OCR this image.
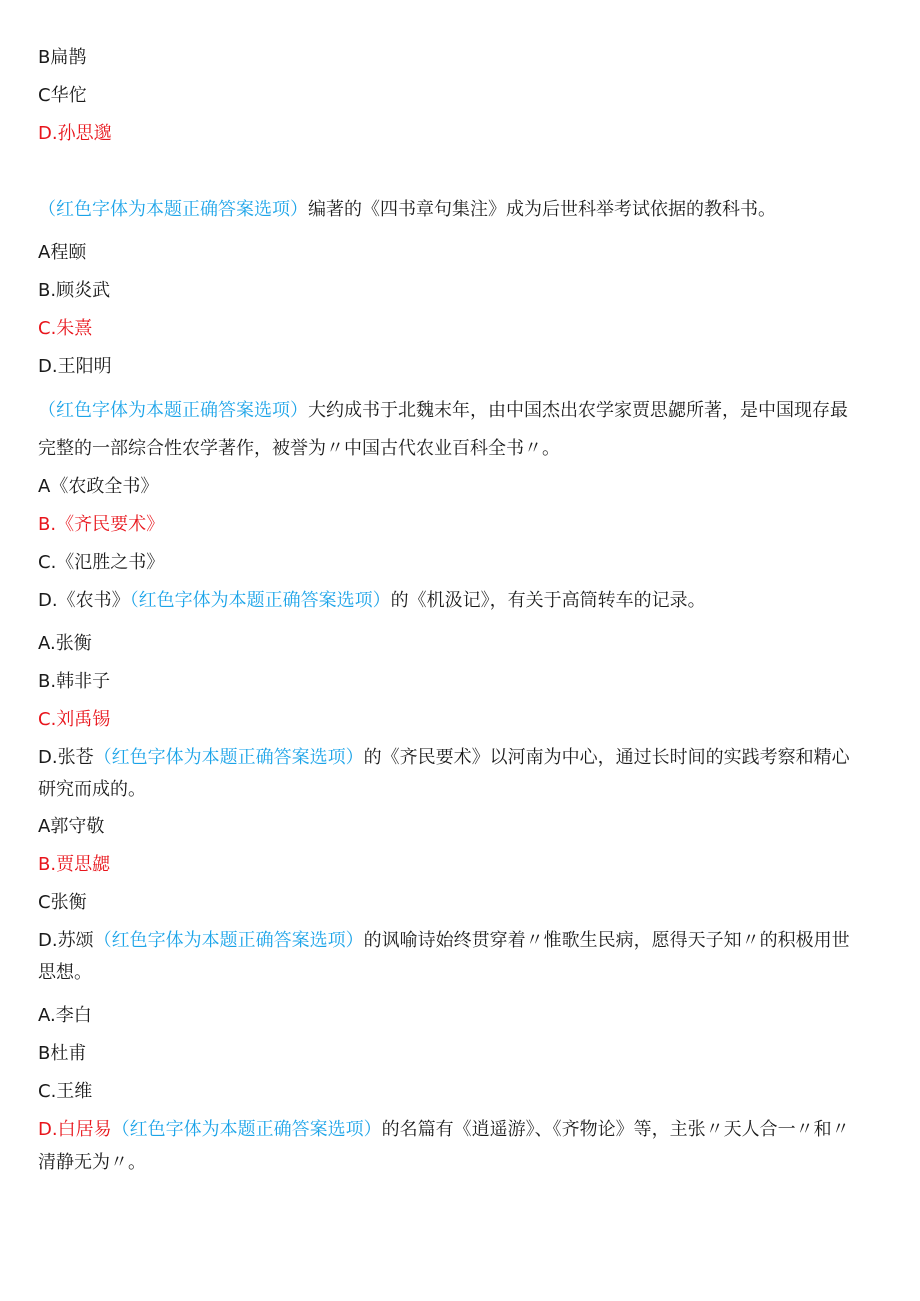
B扁鹊
C华佗
D.孙思邈
（红色字体为本题正确答案选项）编著的《四书章句集注》成为后世科举考试依据的教科书。
A程颐
B.顾炎武
C.朱熹
D.王阳明
（红色字体为本题正确答案选项）大约成书于北魏末年，由中国杰出农学家贾思勰所著，是中国现存最
完整的一部综合性农学著作，被誉为〃中国古代农业百科全书〃。
A《农政全书》
B.《齐民要术》
C.《氾胜之书》
D.《农书》（红色字体为本题正确答案选项）的《机汲记》，有关于高筒转车的记录。
A.张衡
B.韩非子
C.刘禹锡
D.张苍（红色字体为本题正确答案选项）的《齐民要术》以河南为中心，通过长时间的实践考察和精心
研究而成的。
A郭守敬
B.贾思勰
C张衡
D.苏颂（红色字体为本题正确答案选项）的讽喻诗始终贯穿着〃惟歌生民病，愿得天子知〃的积极用世
思想。
A.李白
B杜甫
C.王维
D.白居易（红色字体为本题正确答案选项）的名篇有《逍遥游》、《齐物论》等，主张〃天人合一〃和〃
清静无为〃。
